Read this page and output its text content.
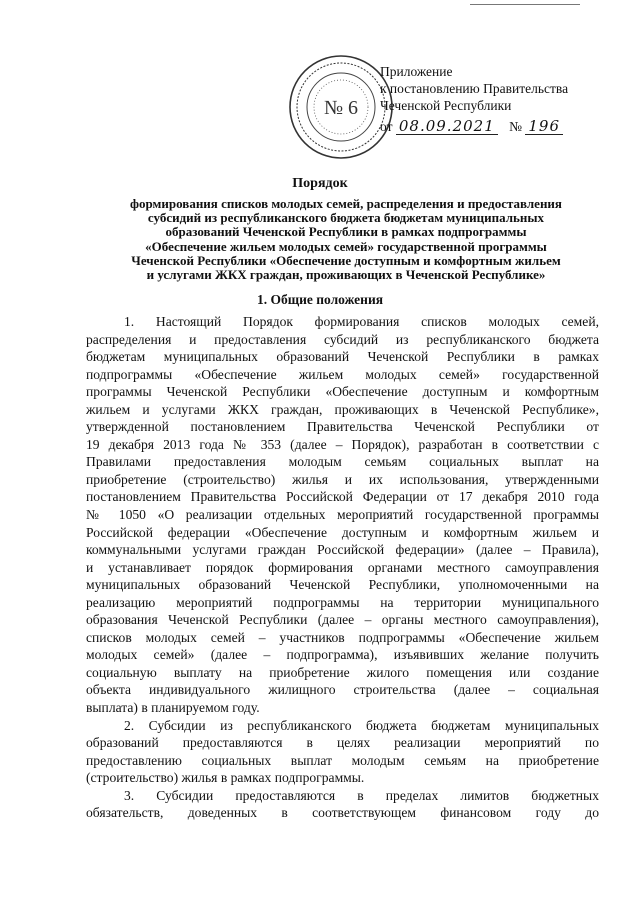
№ 6
Приложение
к постановлению Правительства
Чеченской Республики
от 08.09.2021 № 196
Порядок
формирования списков молодых семей, распределения и предоставления
субсидий из республиканского бюджета бюджетам муниципальных
образований Чеченской Республики в рамках подпрограммы
«Обеспечение жильем молодых семей» государственной программы
Чеченской Республики «Обеспечение доступным и комфортным жильем
и услугами ЖКХ граждан, проживающих в Чеченской Республике»
1. Общие положения
1. Настоящий Порядок формирования списков молодых семей,
распределения и предоставления субсидий из республиканского бюджета
бюджетам муниципальных образований Чеченской Республики в рамках
подпрограммы «Обеспечение жильем молодых семей» государственной
программы Чеченской Республики «Обеспечение доступным и комфортным
жильем и услугами ЖКХ граждан, проживающих в Чеченской Республике»,
утвержденной постановлением Правительства Чеченской Республики от
19 декабря 2013 года № 353 (далее – Порядок), разработан в соответствии с
Правилами предоставления молодым семьям социальных выплат на
приобретение (строительство) жилья и их использования, утвержденными
постановлением Правительства Российской Федерации от 17 декабря 2010 года
№ 1050 «О реализации отдельных мероприятий государственной программы
Российской федерации «Обеспечение доступным и комфортным жильем и
коммунальными услугами граждан Российской федерации» (далее – Правила),
и устанавливает порядок формирования органами местного самоуправления
муниципальных образований Чеченской Республики, уполномоченными на
реализацию мероприятий подпрограммы на территории муниципального
образования Чеченской Республики (далее – органы местного самоуправления),
списков молодых семей – участников подпрограммы «Обеспечение жильем
молодых семей» (далее – подпрограмма), изъявивших желание получить
социальную выплату на приобретение жилого помещения или создание
объекта индивидуального жилищного строительства (далее – социальная
выплата) в планируемом году.
2. Субсидии из республиканского бюджета бюджетам муниципальных
образований предоставляются в целях реализации мероприятий по
предоставлению социальных выплат молодым семьям на приобретение
(строительство) жилья в рамках подпрограммы.
3. Субсидии предоставляются в пределах лимитов бюджетных
обязательств, доведенных в соответствующем финансовом году до
